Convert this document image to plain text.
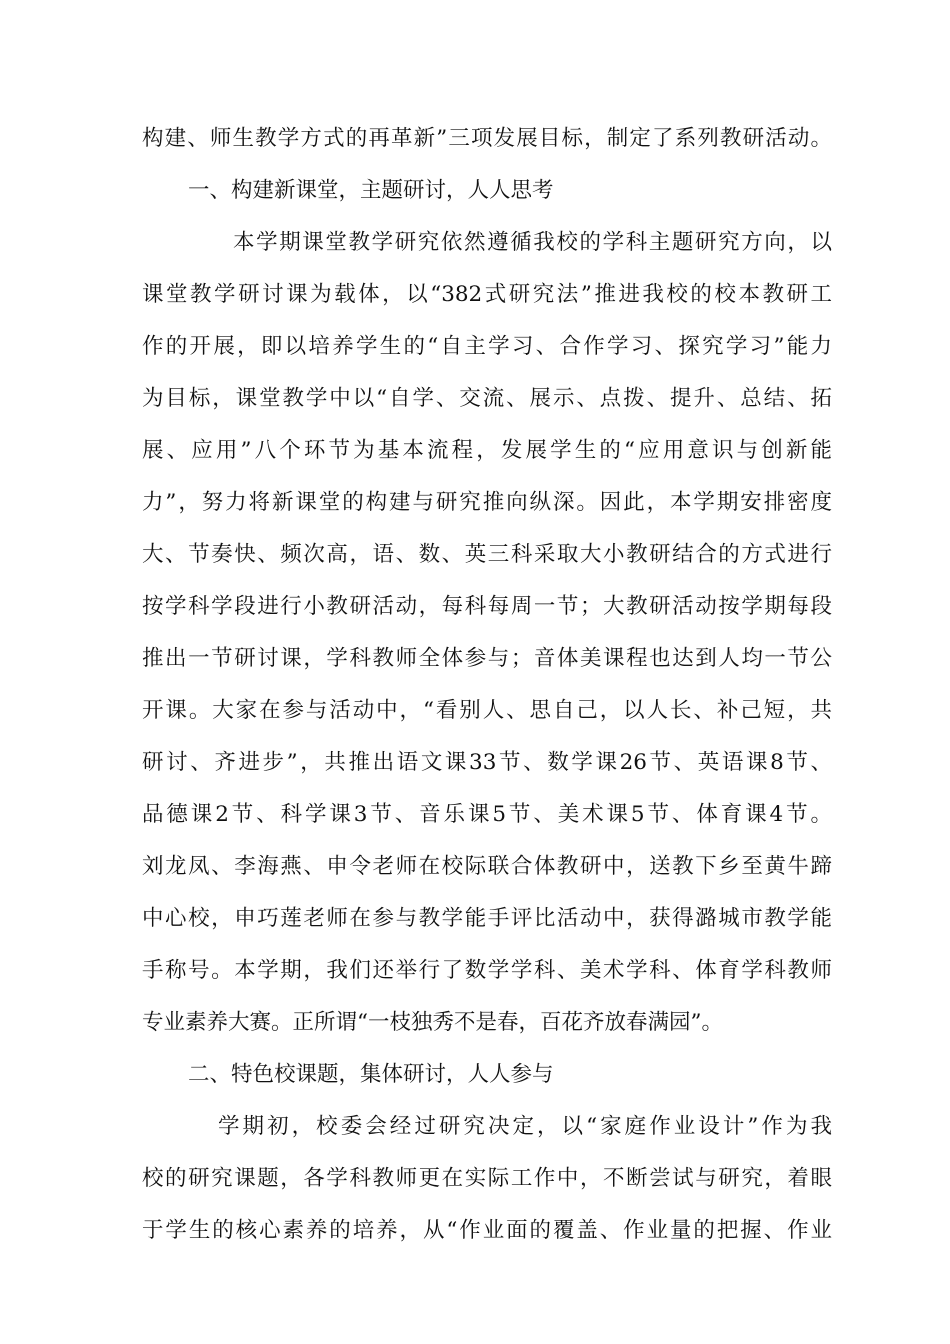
构建、师生教学方式的再革新”三项发展目标，制定了系列教研活动。
一、构建新课堂，主题研讨，人人思考
本学期课堂教学研究依然遵循我校的学科主题研究方向，以
课堂教学研讨课为载体，以“382式研究法”推进我校的校本教研工
作的开展，即以培养学生的“自主学习、合作学习、探究学习”能力
为目标，课堂教学中以“自学、交流、展示、点拨、提升、总结、拓
展、应用”八个环节为基本流程，发展学生的“应用意识与创新能
力”，努力将新课堂的构建与研究推向纵深。因此，本学期安排密度
大、节奏快、频次高，语、数、英三科采取大小教研结合的方式进行
按学科学段进行小教研活动，每科每周一节；大教研活动按学期每段
推出一节研讨课，学科教师全体参与；音体美课程也达到人均一节公
开课。大家在参与活动中，“看别人、思自己，以人长、补己短，共
研讨、齐进步”，共推出语文课33节、数学课26节、英语课8节、
品德课2节、科学课3节、音乐课5节、美术课5节、体育课4节。
刘龙凤、李海燕、申令老师在校际联合体教研中，送教下乡至黄牛蹄
中心校，申巧莲老师在参与教学能手评比活动中，获得潞城市教学能
手称号。本学期，我们还举行了数学学科、美术学科、体育学科教师
专业素养大赛。正所谓“一枝独秀不是春，百花齐放春满园”。
二、特色校课题，集体研讨，人人参与
学期初，校委会经过研究决定，以“家庭作业设计”作为我
校的研究课题，各学科教师更在实际工作中，不断尝试与研究，着眼
于学生的核心素养的培养，从“作业面的覆盖、作业量的把握、作业
